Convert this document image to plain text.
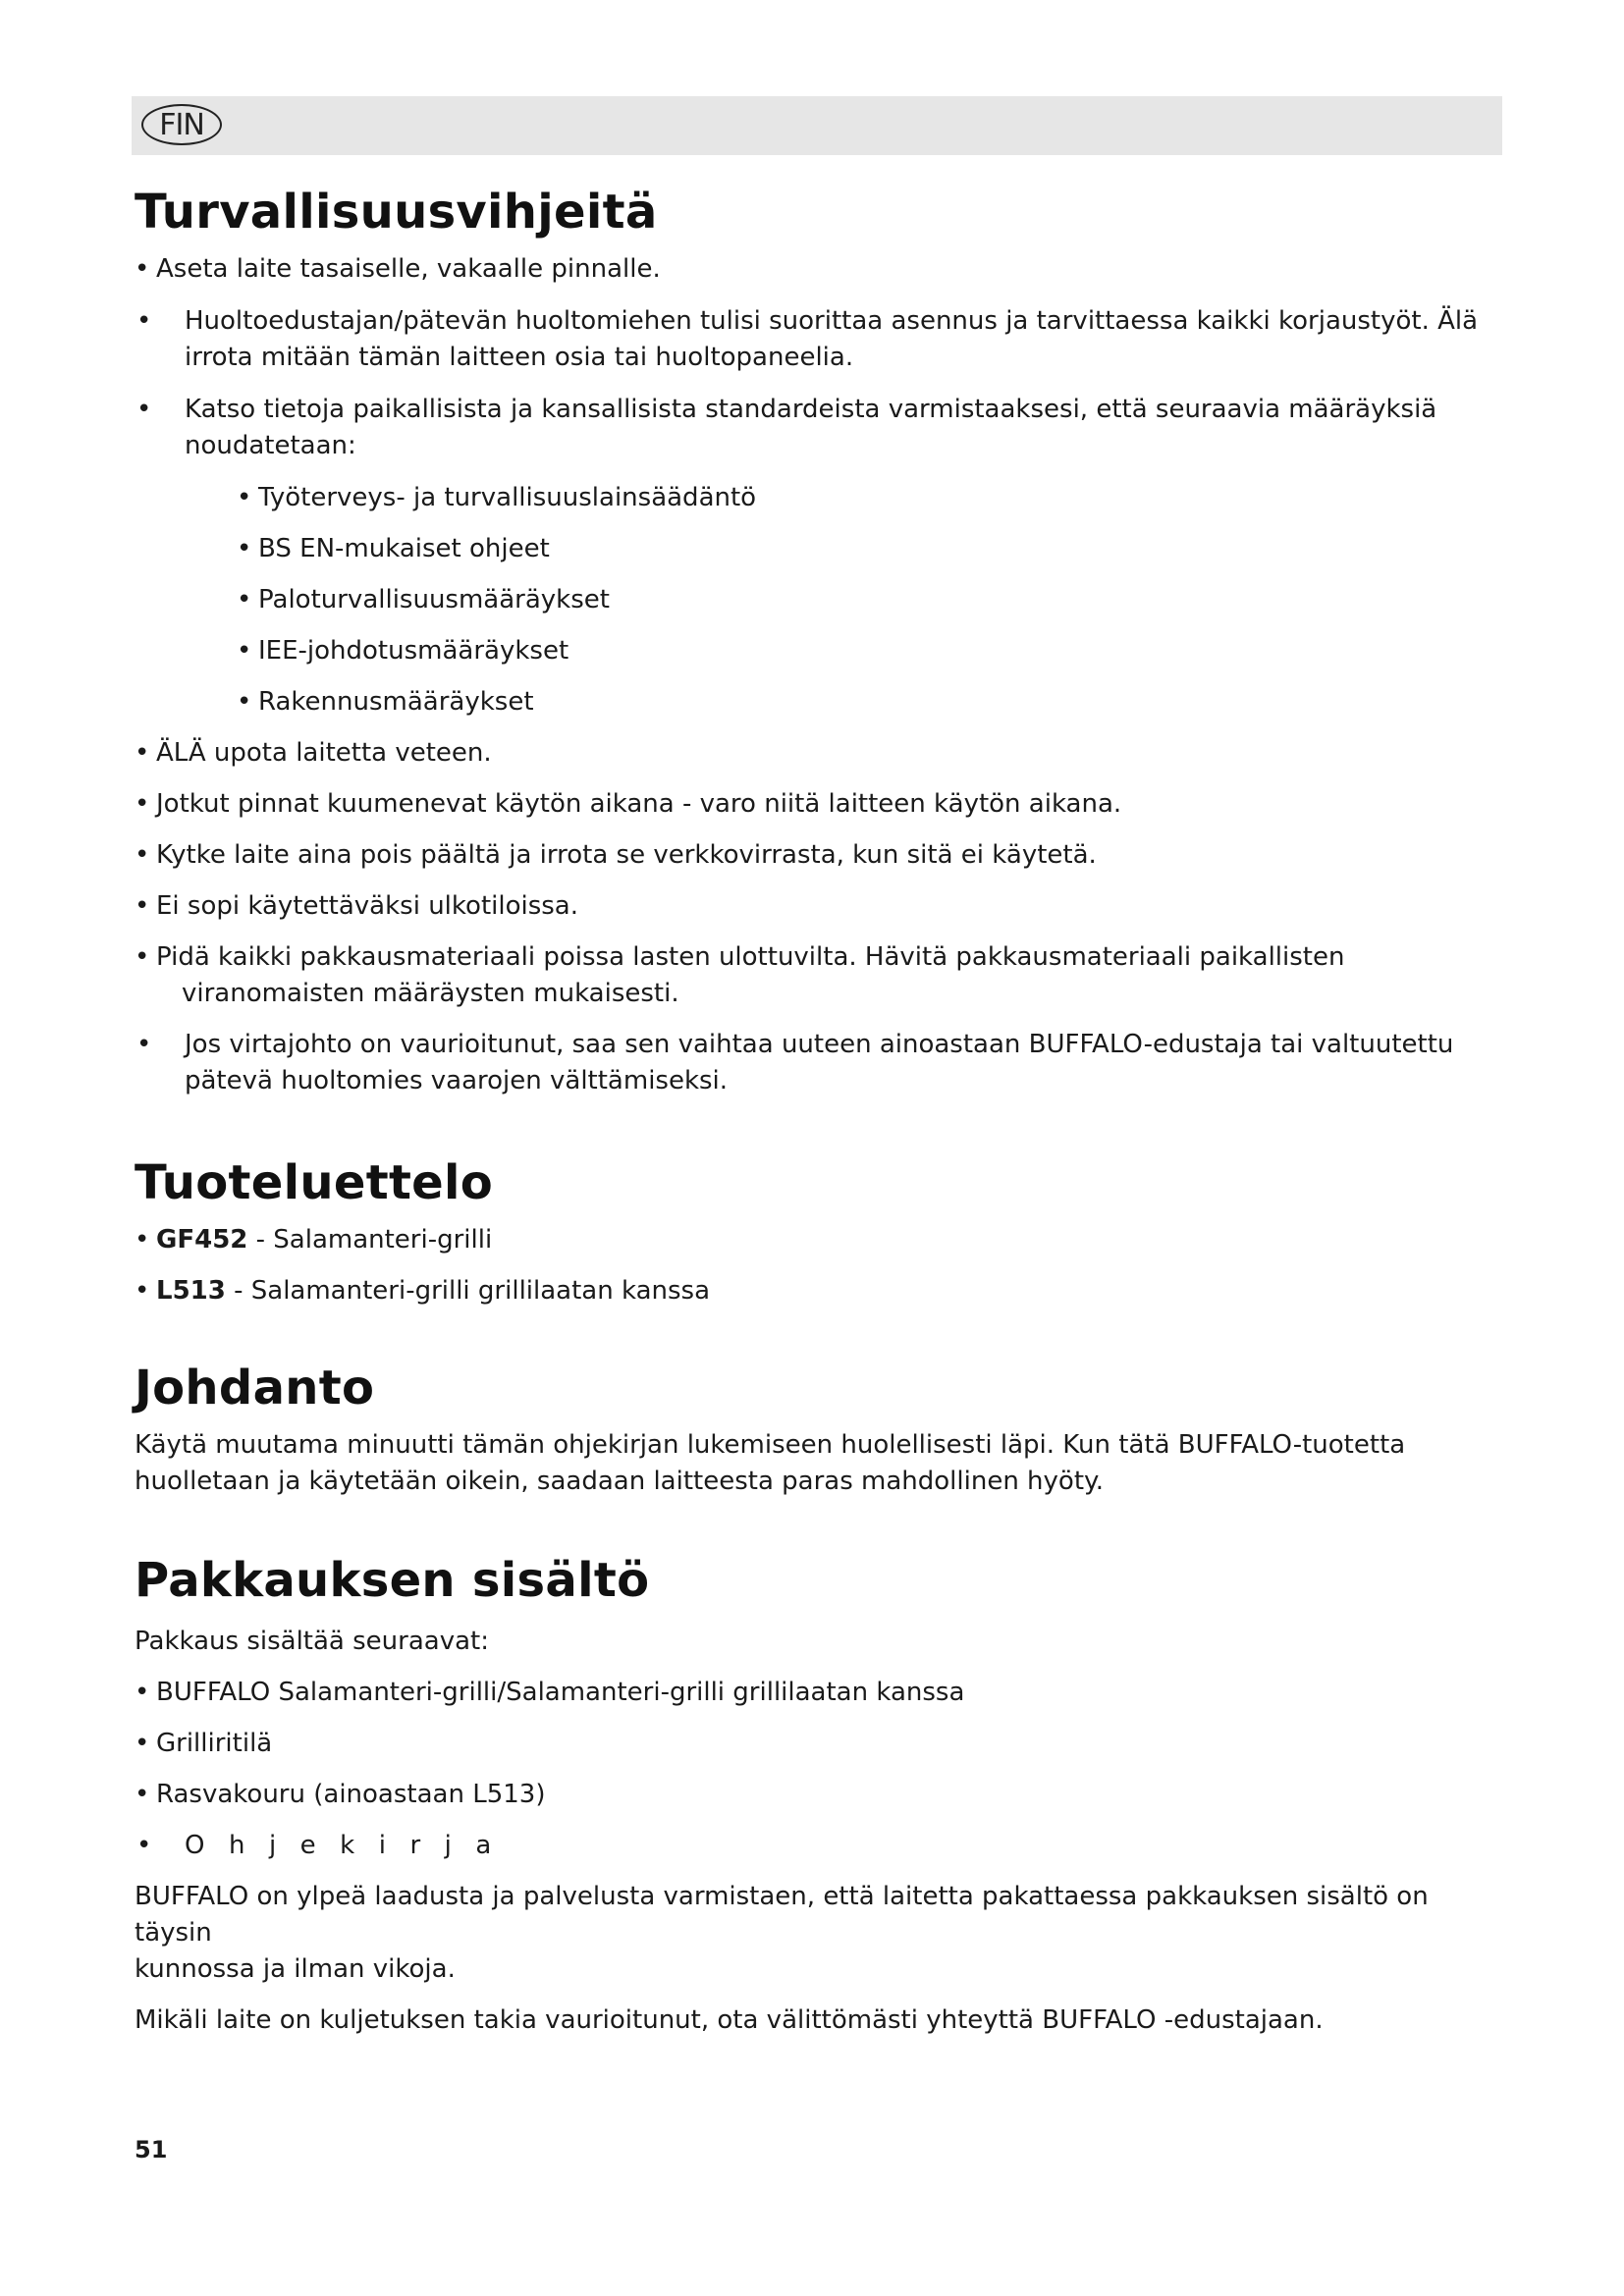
FIN
Turvallisuusvihjeitä
• Aseta laite tasaiselle, vakaalle pinnalle.
• Huoltoedustajan/pätevän huoltomiehen tulisi suorittaa asennus ja tarvittaessa kaikki korjaustyöt. Älä
irrota mitään tämän laitteen osia tai huoltopaneelia.
• Katso tietoja paikallisista ja kansallisista standardeista varmistaaksesi, että seuraavia määräyksiä
noudatetaan:
• Työterveys- ja turvallisuuslainsäädäntö
• BS EN-mukaiset ohjeet
• Paloturvallisuusmääräykset
• IEE-johdotusmääräykset
• Rakennusmääräykset
• ÄLÄ upota laitetta veteen.
• Jotkut pinnat kuumenevat käytön aikana - varo niitä laitteen käytön aikana.
• Kytke laite aina pois päältä ja irrota se verkkovirrasta, kun sitä ei käytetä.
• Ei sopi käytettäväksi ulkotiloissa.
• Pidä kaikki pakkausmateriaali poissa lasten ulottuvilta. Hävitä pakkausmateriaali paikallisten
viranomaisten määräysten mukaisesti.
• Jos virtajohto on vaurioitunut, saa sen vaihtaa uuteen ainoastaan BUFFALO-edustaja tai valtuutettu
pätevä huoltomies vaarojen välttämiseksi.
Tuoteluettelo
• GF452 - Salamanteri-grilli
• L513 - Salamanteri-grilli grillilaatan kanssa
Johdanto

Käytä muutama minuutti tämän ohjekirjan lukemiseen huolellisesti läpi. Kun tätä BUFFALO-tuotetta
huolletaan ja käytetään oikein, saadaan laitteesta paras mahdollinen hyöty.

Pakkauksen sisältö

Pakkaus sisältää seuraavat:

• BUFFALO Salamanteri-grilli/Salamanteri-grilli grillilaatan kanssa
• Grilliritilä
• Rasvakouru (ainoastaan L513)
• Ohjekirja

BUFFALO on ylpeä laadusta ja palvelusta varmistaen, että laitetta pakattaessa pakkauksen sisältö on täysin
kunnossa ja ilman vikoja.

Mikäli laite on kuljetuksen takia vaurioitunut, ota välittömästi yhteyttä BUFFALO -edustajaan.

51
